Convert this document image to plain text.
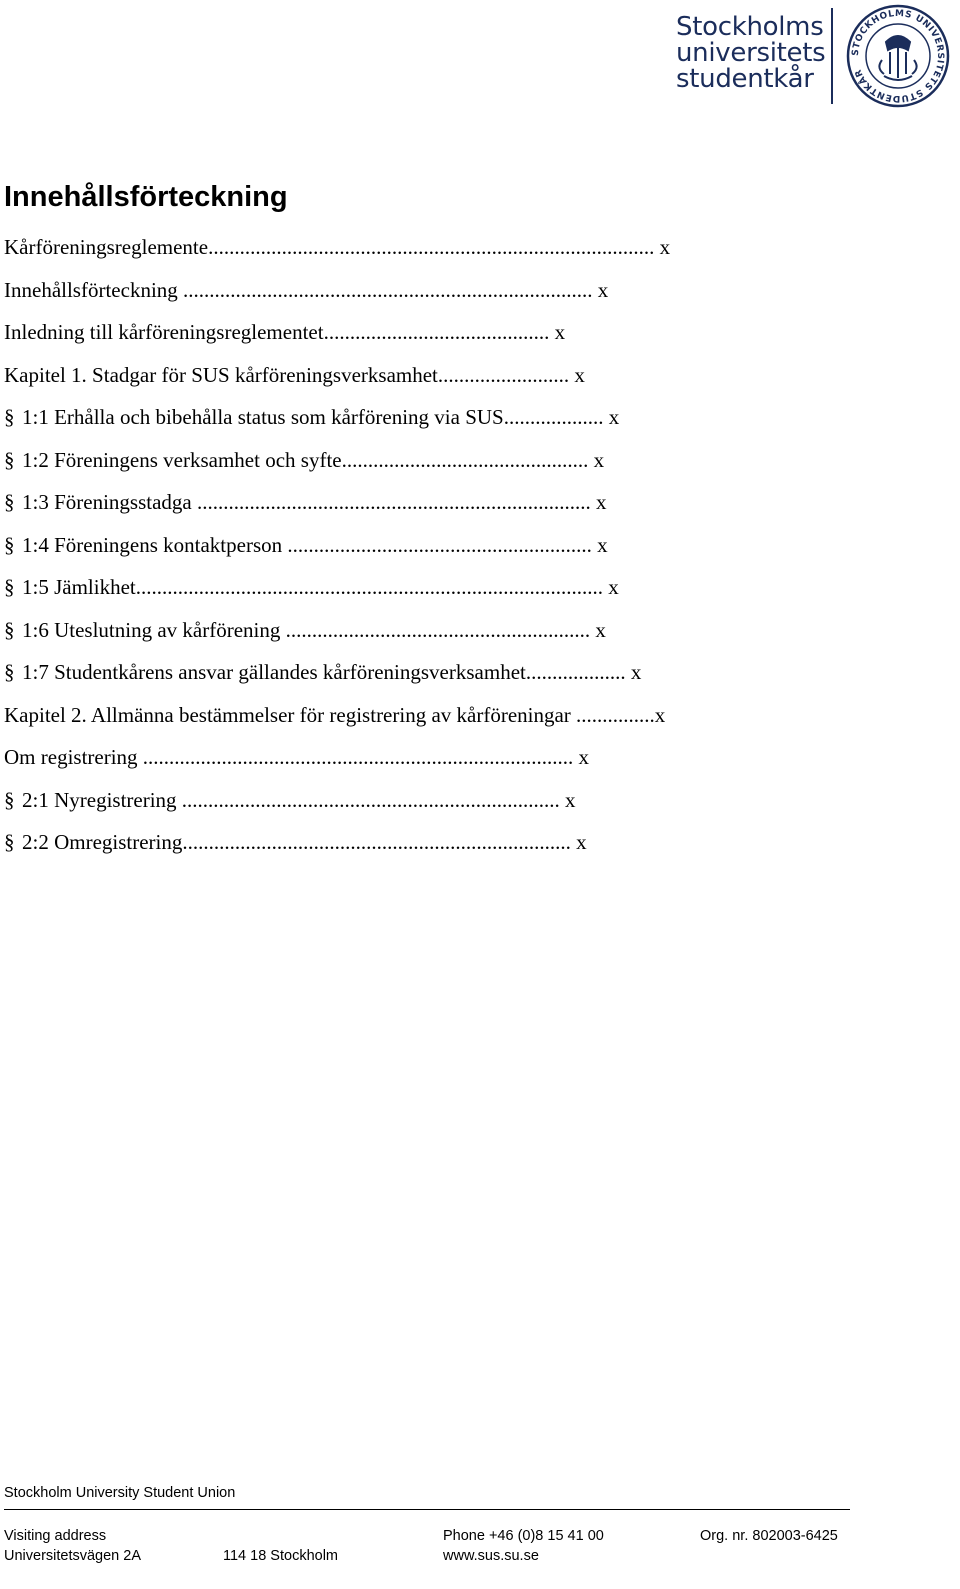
Stockholms
universitets
studentkår
STOCKHOLMS UNIVERSITETS STUDENTKÅR
Innehållsförteckning
Kårföreningsreglemente..................................................................................... x
Innehållsförteckning .............................................................................. x
Inledning till kårföreningsreglementet........................................... x
Kapitel 1. Stadgar för SUS kårföreningsverksamhet......................... x
§ 1:1 Erhålla och bibehålla status som kårförening via SUS................... x
§ 1:2 Föreningens verksamhet och syfte............................................... x
§ 1:3 Föreningsstadga ........................................................................... x
§ 1:4 Föreningens kontaktperson .......................................................... x
§ 1:5 Jämlikhet......................................................................................... x
§ 1:6 Uteslutning av kårförening .......................................................... x
§ 1:7 Studentkårens ansvar gällandes kårföreningsverksamhet................... x
Kapitel 2. Allmänna bestämmelser för registrering av kårföreningar ...............x
Om registrering .................................................................................. x
§ 2:1 Nyregistrering ........................................................................ x
§ 2:2 Omregistrering.......................................................................... x
Stockholm University Student Union
Visiting address
Universitetsvägen 2A	114 18 Stockholm
Phone +46 (0)8 15 41 00
www.sus.su.se
Org. nr. 802003-6425
